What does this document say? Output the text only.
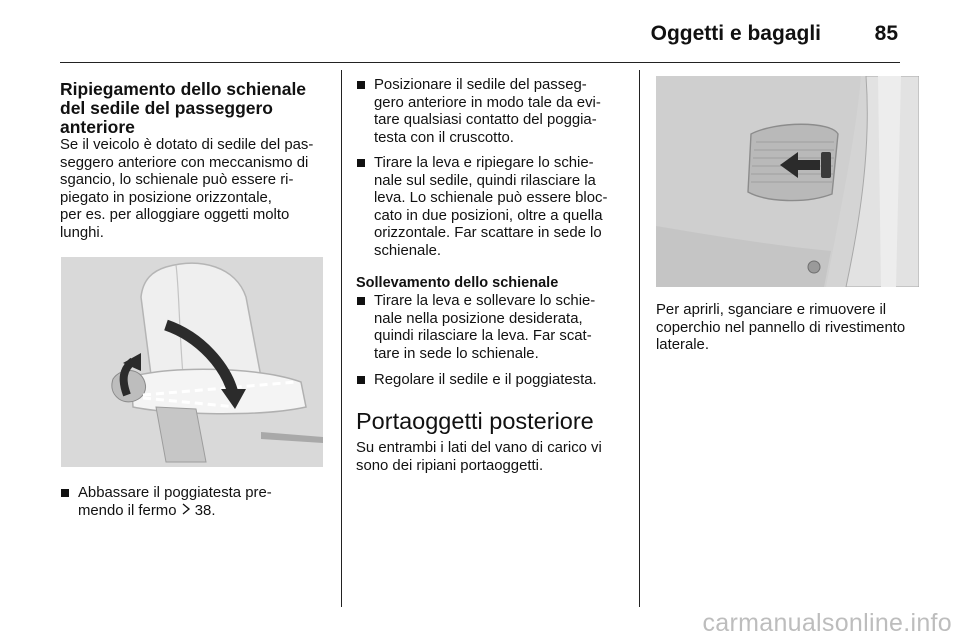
Oggetti e bagagli	85
Ripiegamento dello schienale
del sedile del passeggero
anteriore
Se il veicolo è dotato di sedile del pas-
seggero anteriore con meccanismo di
sgancio, lo schienale può essere ri-
piegato in posizione orizzontale,
per es. per alloggiare oggetti molto
lunghi.
Abbassare il poggiatesta pre-
mendo il fermo 38.
Posizionare il sedile del passeg-
gero anteriore in modo tale da evi-
tare qualsiasi contatto del poggia-
testa con il cruscotto.
Tirare la leva e ripiegare lo schie-
nale sul sedile, quindi rilasciare la
leva. Lo schienale può essere bloc-
cato in due posizioni, oltre a quella
orizzontale. Far scattare in sede lo
schienale.
Sollevamento dello schienale
Tirare la leva e sollevare lo schie-
nale nella posizione desiderata,
quindi rilasciare la leva. Far scat-
tare in sede lo schienale.
Regolare il sedile e il poggiatesta.
Portaoggetti posteriore
Su entrambi i lati del vano di carico vi
sono dei ripiani portaoggetti.
Per aprirli, sganciare e rimuovere il
coperchio nel pannello di rivestimento
laterale.
carmanualsonline.info
